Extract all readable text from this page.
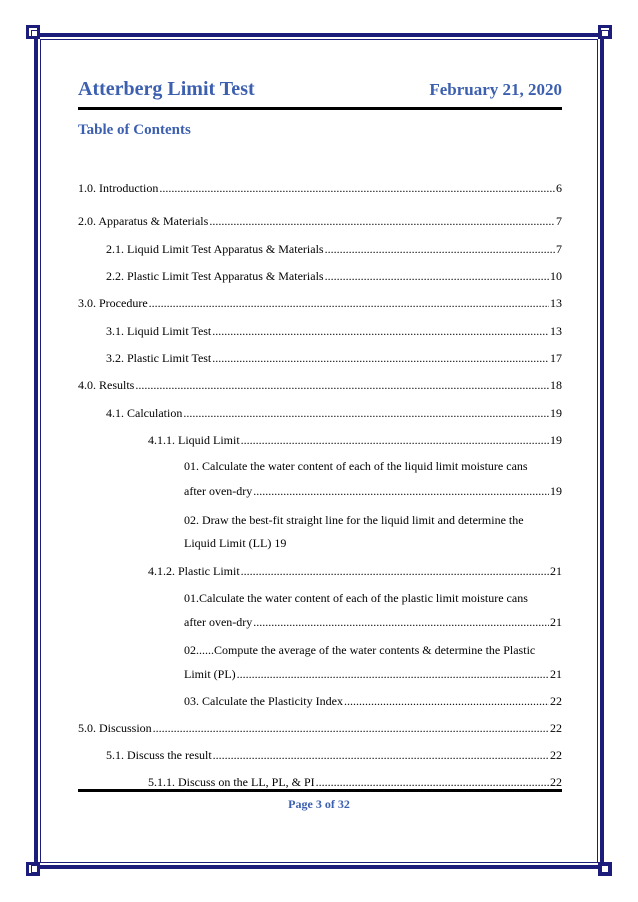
Atterberg Limit Test	February 21, 2020
Table of Contents
1.0. Introduction .....	6
2.0. Apparatus & Materials .....	7
2.1. Liquid Limit Test Apparatus & Materials .....	7
2.2. Plastic Limit Test Apparatus & Materials .....	10
3.0. Procedure .....	13
3.1. Liquid Limit Test .....	13
3.2. Plastic Limit Test .....	17
4.0. Results .....	18
4.1. Calculation .....	19
4.1.1. Liquid Limit .....	19
01. Calculate the water content of each of the liquid limit moisture cans
after oven-dry .....	19
02. Draw the best-fit straight line for the liquid limit and determine the
Liquid Limit (LL) 19
4.1.2. Plastic Limit .....	21
01.Calculate the water content of each of the plastic limit moisture cans
after oven-dry .....	21
02......Compute the average of the water contents & determine the Plastic
Limit (PL) .....	21
03. Calculate the Plasticity Index .....	22
5.0. Discussion .....	22
5.1. Discuss the result .....	22
5.1.1. Discuss on the LL, PL, & PI .....	22
Page 3 of 32
